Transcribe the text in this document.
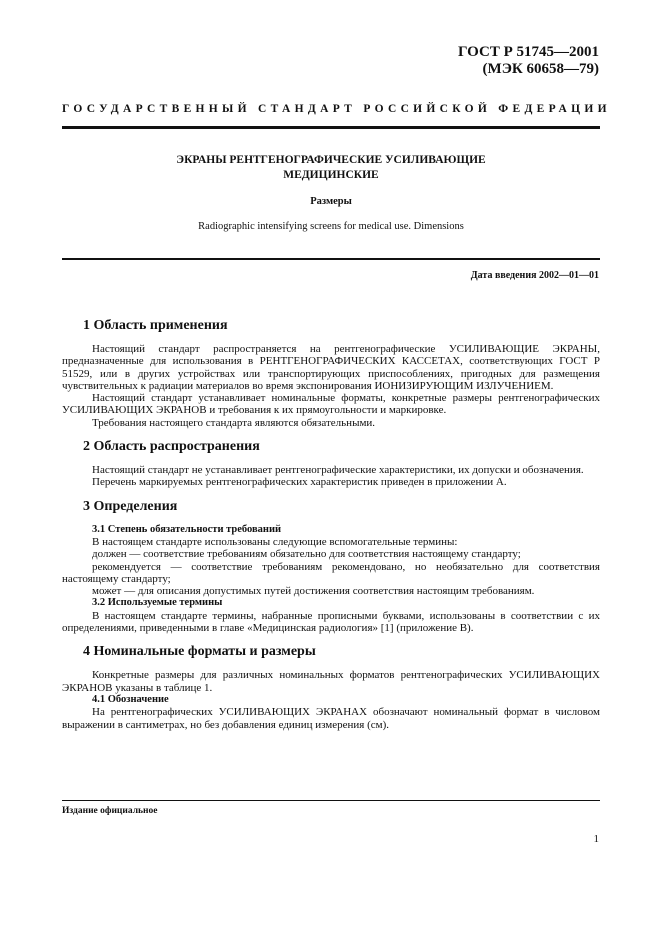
ГОСТ Р 51745—2001
(МЭК 60658—79)
ГОСУДАРСТВЕННЫЙ СТАНДАРТ РОССИЙСКОЙ ФЕДЕРАЦИИ
ЭКРАНЫ РЕНТГЕНОГРАФИЧЕСКИЕ УСИЛИВАЮЩИЕ
МЕДИЦИНСКИЕ
Размеры
Radiographic intensifying screens for medical use. Dimensions
Дата введения 2002—01—01
1 Область применения

Настоящий стандарт распространяется на рентгенографические УСИЛИВАЮЩИЕ ЭКРАНЫ, предназначенные для использования в РЕНТГЕНОГРАФИЧЕСКИХ КАССЕТАХ, соответствующих ГОСТ Р 51529, или в других устройствах или транспортирующих приспособлениях, пригодных для размещения чувствительных к радиации материалов во время экспонирования ИОНИЗИРУЮЩИМ ИЗЛУЧЕНИЕМ.

Настоящий стандарт устанавливает номинальные форматы, конкретные размеры рентгенографических УСИЛИВАЮЩИХ ЭКРАНОВ и требования к их прямоугольности и маркировке.

Требования настоящего стандарта являются обязательными.

2 Область распространения

Настоящий стандарт не устанавливает рентгенографические характеристики, их допуски и обозначения.

Перечень маркируемых рентгенографических характеристик приведен в приложении А.

3 Определения
3.1 Степень обязательности требований

В настоящем стандарте использованы следующие вспомогательные термины:

должен — соответствие требованиям обязательно для соответствия настоящему стандарту;

рекомендуется — соответствие требованиям рекомендовано, но необязательно для соответствия настоящему стандарту;

может — для описания допустимых путей достижения соответствия настоящим требованиям.

3.2 Используемые термины

В настоящем стандарте термины, набранные прописными буквами, использованы в соответствии с их определениями, приведенными в главе «Медицинская радиология» [1] (приложение В).

4 Номинальные форматы и размеры

Конкретные размеры для различных номинальных форматов рентгенографических УСИЛИВАЮЩИХ ЭКРАНОВ указаны в таблице 1.

4.1 Обозначение

На рентгенографических УСИЛИВАЮЩИХ ЭКРАНАХ обозначают номинальный формат в числовом выражении в сантиметрах, но без добавления единиц измерения (см).

Издание официальное
1
